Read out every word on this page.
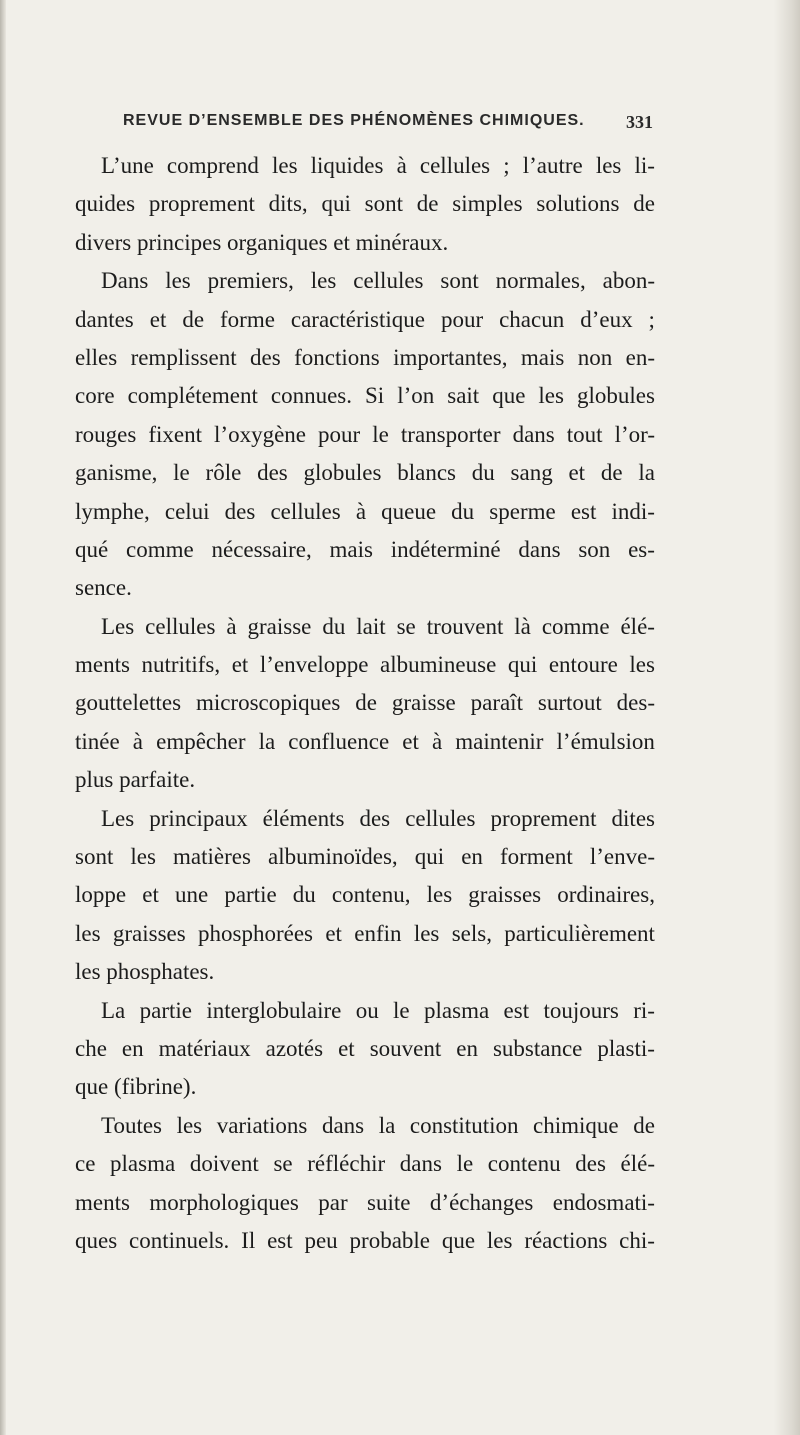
REVUE D’ENSEMBLE DES PHÉNOMÈNES CHIMIQUES. 331
L’une comprend les liquides à cellules ; l’autre les li-
quides proprement dits, qui sont de simples solutions de
divers principes organiques et minéraux.
Dans les premiers, les cellules sont normales, abon-
dantes et de forme caractéristique pour chacun d’eux ;
elles remplissent des fonctions importantes, mais non en-
core complétement connues. Si l’on sait que les globules
rouges fixent l’oxygène pour le transporter dans tout l’or-
ganisme, le rôle des globules blancs du sang et de la
lymphe, celui des cellules à queue du sperme est indi-
qué comme nécessaire, mais indéterminé dans son es-
sence.
Les cellules à graisse du lait se trouvent là comme élé-
ments nutritifs, et l’enveloppe albumineuse qui entoure les
gouttelettes microscopiques de graisse paraît surtout des-
tinée à empêcher la confluence et à maintenir l’émulsion
plus parfaite.
Les principaux éléments des cellules proprement dites
sont les matières albuminoïdes, qui en forment l’enve-
loppe et une partie du contenu, les graisses ordinaires,
les graisses phosphorées et enfin les sels, particulièrement
les phosphates.
La partie interglobulaire ou le plasma est toujours ri-
che en matériaux azotés et souvent en substance plasti-
que (fibrine).
Toutes les variations dans la constitution chimique de
ce plasma doivent se réfléchir dans le contenu des élé-
ments morphologiques par suite d’échanges endosmati-
ques continuels. Il est peu probable que les réactions chi-
